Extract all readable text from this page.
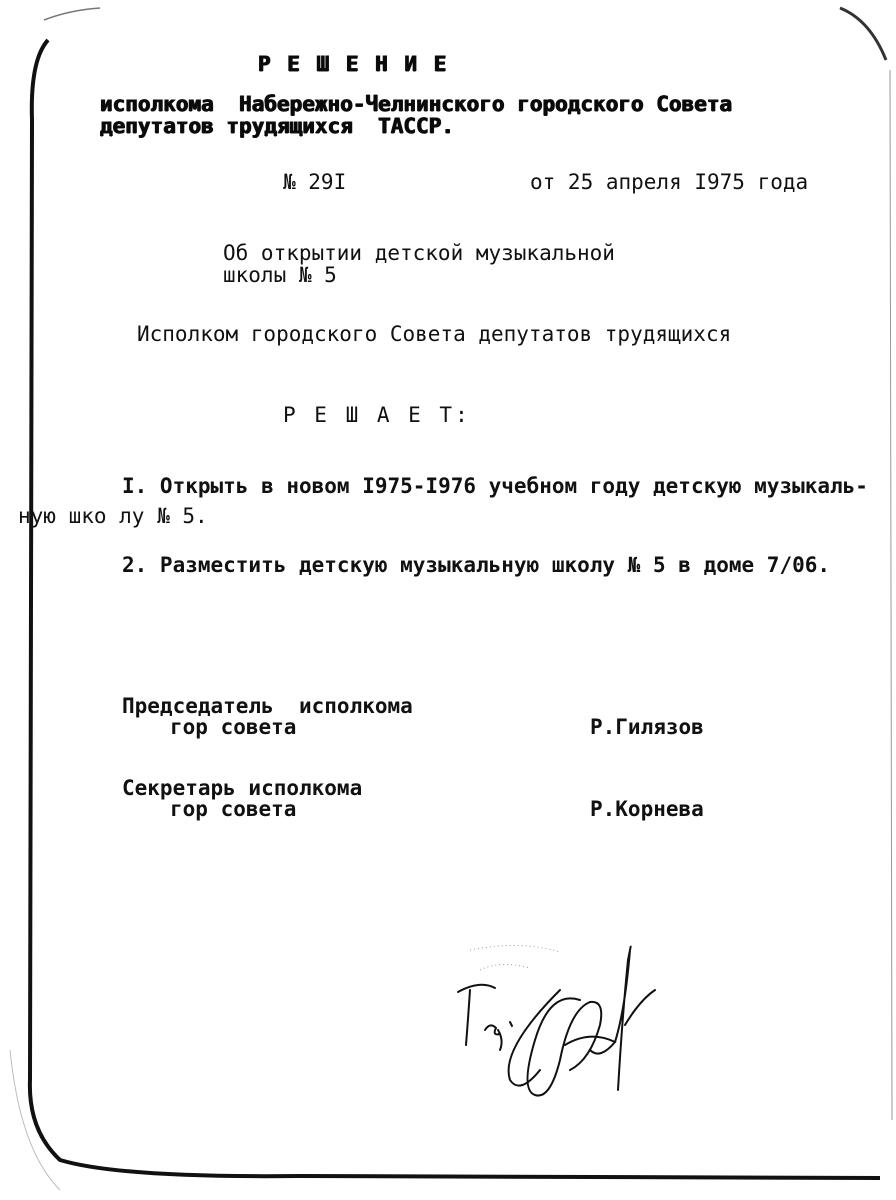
Р Е Ш Е Н И Е
исполкома  Набережно-Челнинского городского Совета
депутатов трудящихся  ТАССР.
№ 29I	от 25 апреля I975 года
Об открытии детской музыкальной
школы № 5
Исполком городского Совета депутатов трудящихся
Р Е Ш А Е Т:
I. Открыть в новом I975-I976 учебном году детскую музыкаль-
ную шко лу № 5.
2. Разместить детскую музыкальную школу № 5 в доме 7/06.
Председатель  исполкома
гор совета	Р.Гилязов
Секретарь исполкома
гор совета	Р.Корнева
